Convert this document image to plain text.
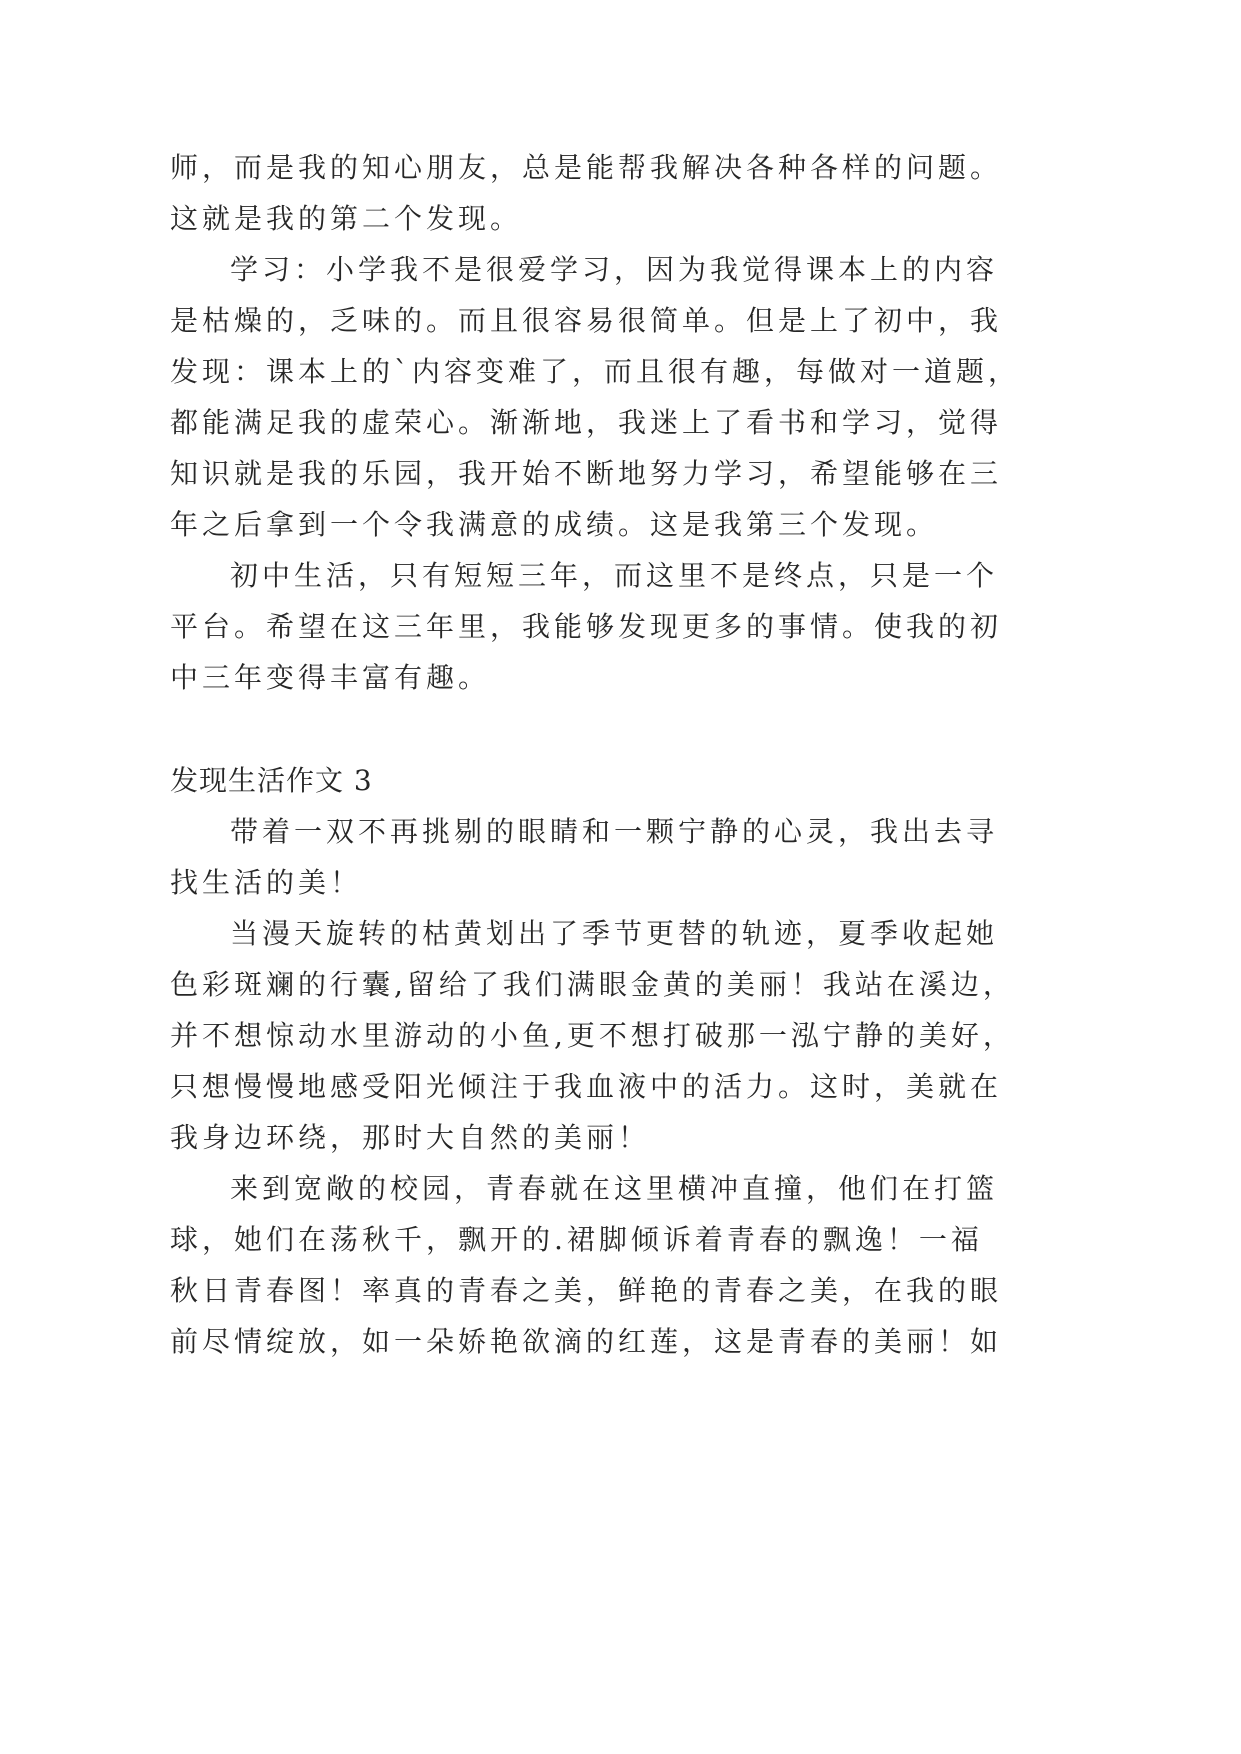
师，而是我的知心朋友，总是能帮我解决各种各样的问题。
这就是我的第二个发现。
学习：小学我不是很爱学习，因为我觉得课本上的内容
是枯燥的，乏味的。而且很容易很简单。但是上了初中，我
发现：课本上的`内容变难了，而且很有趣，每做对一道题，
都能满足我的虚荣心。渐渐地，我迷上了看书和学习，觉得
知识就是我的乐园，我开始不断地努力学习，希望能够在三
年之后拿到一个令我满意的成绩。这是我第三个发现。
初中生活，只有短短三年，而这里不是终点，只是一个
平台。希望在这三年里，我能够发现更多的事情。使我的初
中三年变得丰富有趣。
发现生活作文 3
带着一双不再挑剔的眼睛和一颗宁静的心灵，我出去寻
找生活的美！
当漫天旋转的枯黄划出了季节更替的轨迹，夏季收起她
色彩斑斓的行囊,留给了我们满眼金黄的美丽！我站在溪边，
并不想惊动水里游动的小鱼,更不想打破那一泓宁静的美好，
只想慢慢地感受阳光倾注于我血液中的活力。这时，美就在
我身边环绕，那时大自然的美丽！
来到宽敞的校园，青春就在这里横冲直撞，他们在打篮
球，她们在荡秋千，飘开的.裙脚倾诉着青春的飘逸！一福
秋日青春图！率真的青春之美，鲜艳的青春之美，在我的眼
前尽情绽放，如一朵娇艳欲滴的红莲，这是青春的美丽！如
